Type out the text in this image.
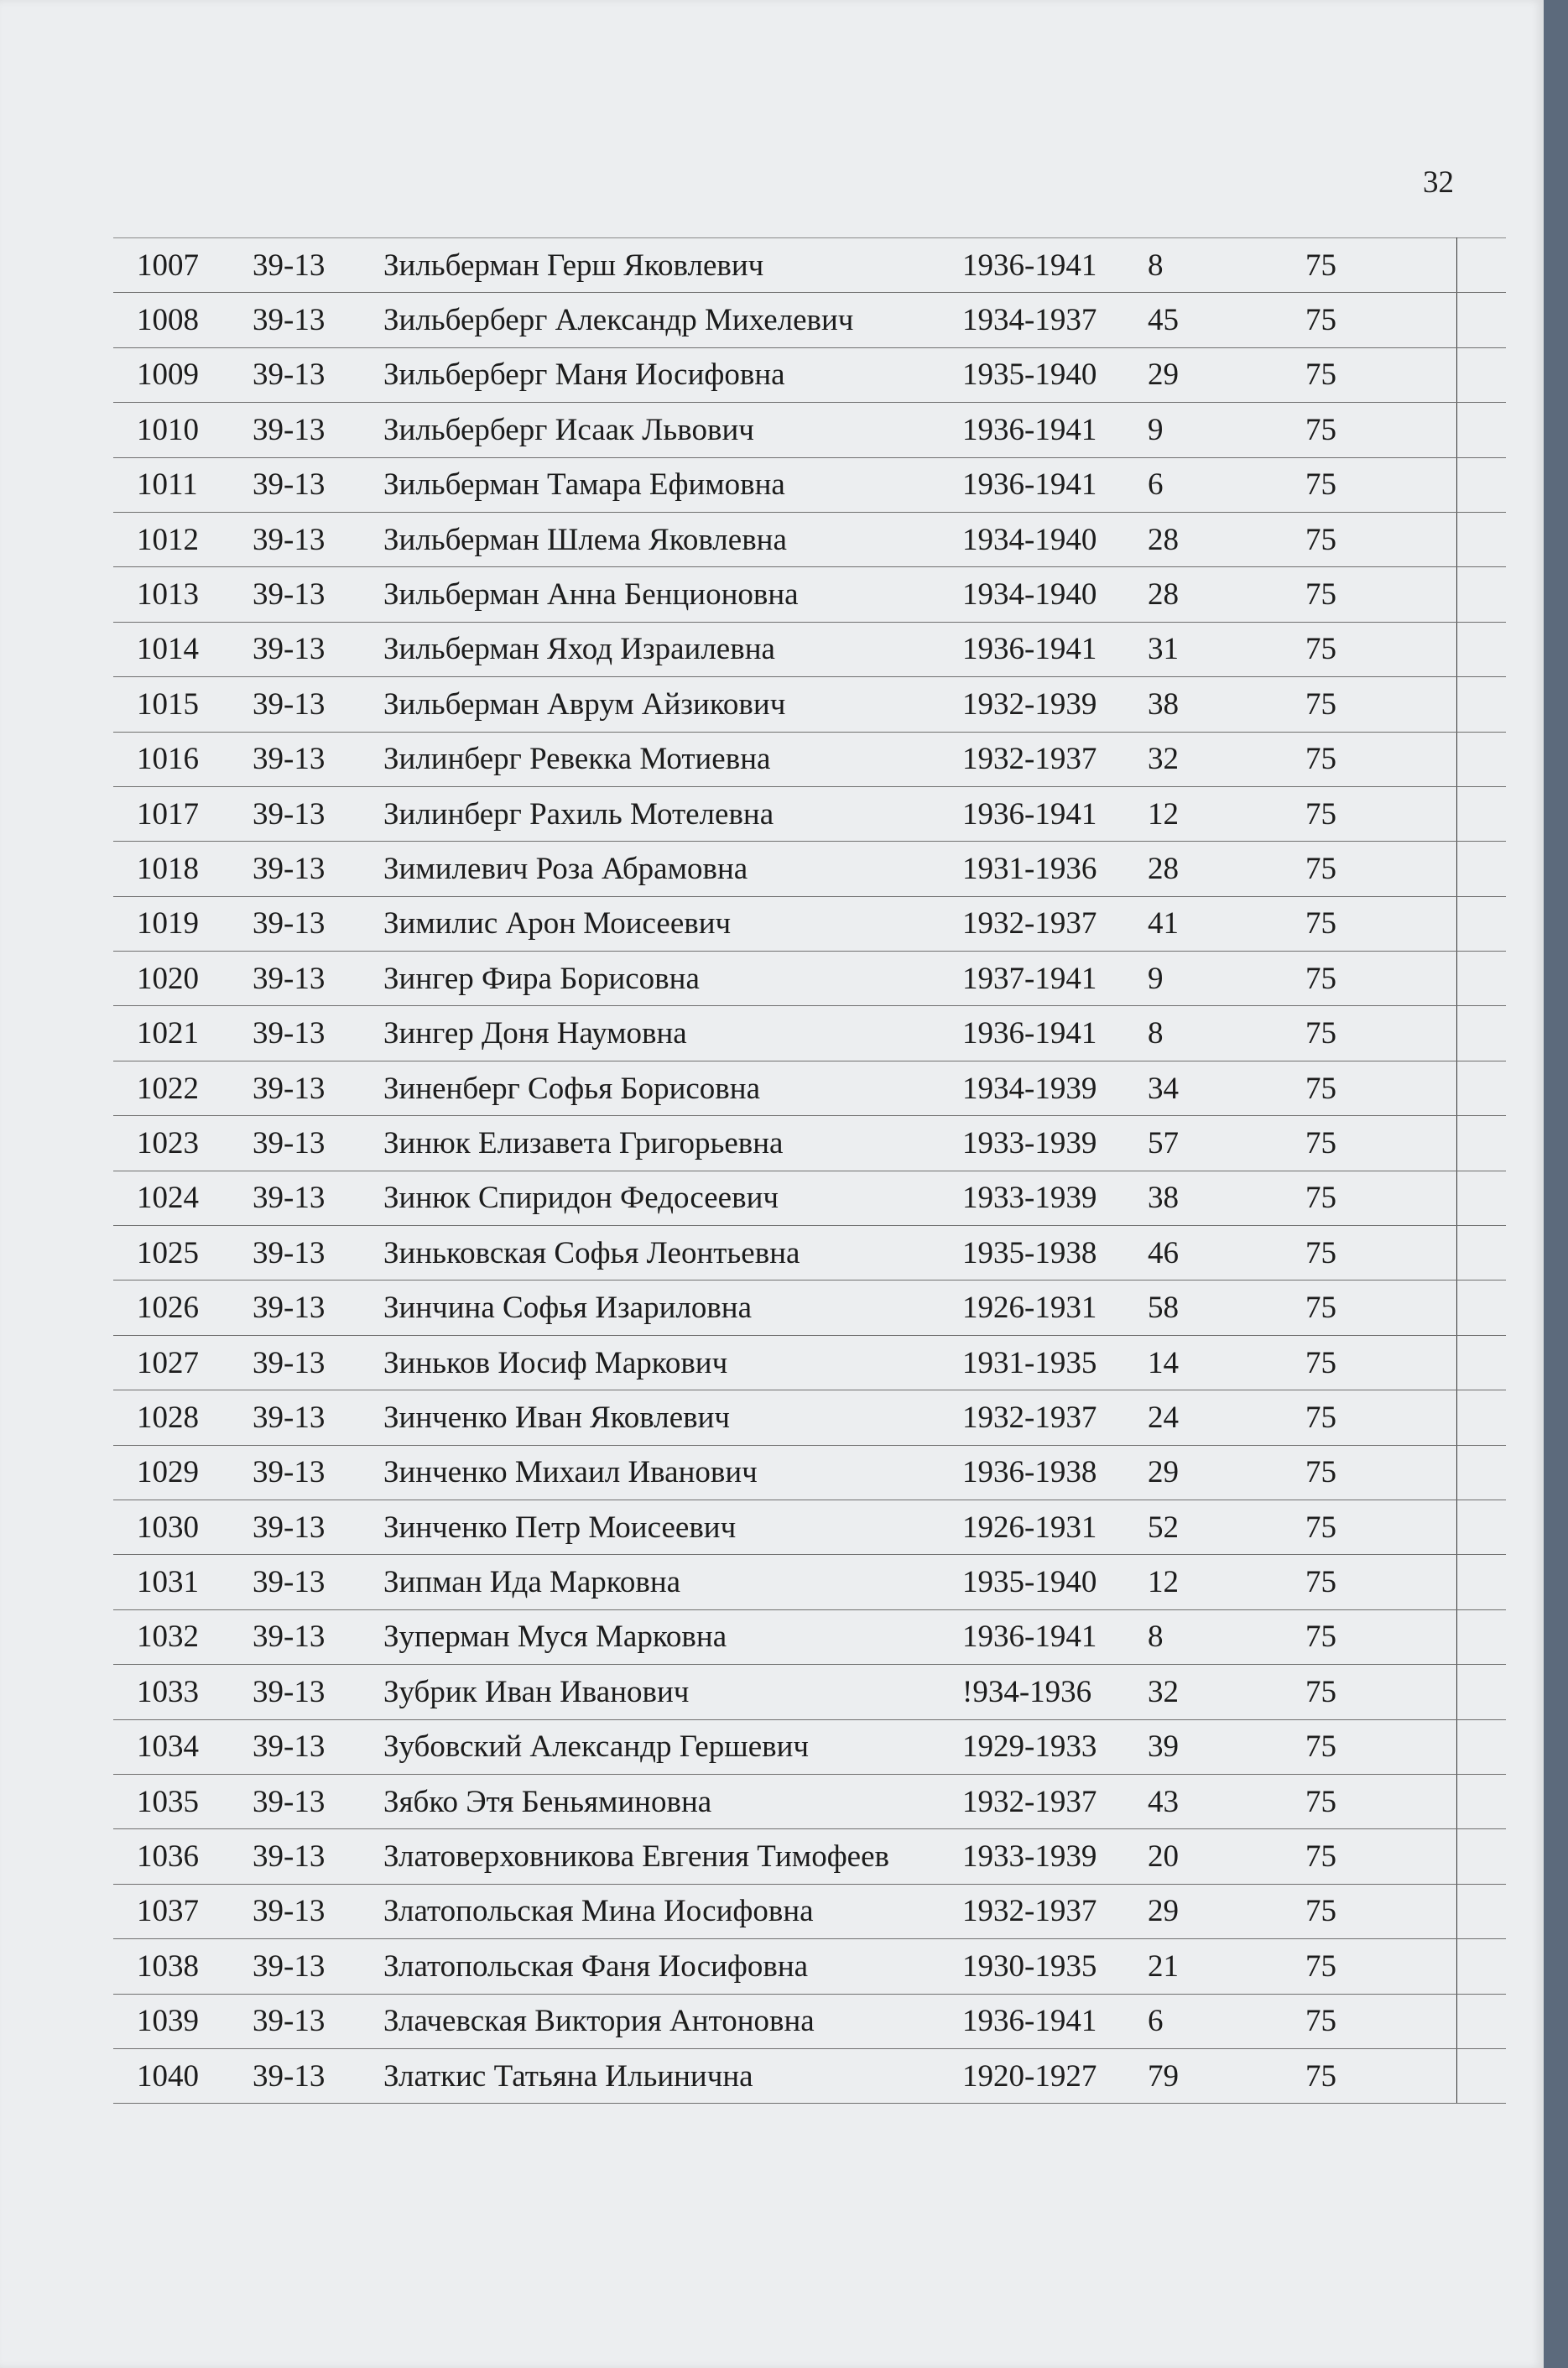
32
1007	39-13	Зильберман Герш Яковлевич	1936-1941	8	75	
1008	39-13	Зильберберг Александр Михелевич	1934-1937	45	75	
1009	39-13	Зильберберг Маня Иосифовна	1935-1940	29	75	
1010	39-13	Зильберберг Исаак Львович	1936-1941	9	75	
1011	39-13	Зильберман Тамара Ефимовна	1936-1941	6	75	
1012	39-13	Зильберман Шлема Яковлевна	1934-1940	28	75	
1013	39-13	Зильберман Анна Бенционовна	1934-1940	28	75	
1014	39-13	Зильберман Яход Израилевна	1936-1941	31	75	
1015	39-13	Зильберман Аврум Айзикович	1932-1939	38	75	
1016	39-13	Зилинберг Ревекка Мотиевна	1932-1937	32	75	
1017	39-13	Зилинберг Рахиль Мотелевна	1936-1941	12	75	
1018	39-13	Зимилевич Роза Абрамовна	1931-1936	28	75	
1019	39-13	Зимилис Арон Моисеевич	1932-1937	41	75	
1020	39-13	Зингер Фира Борисовна	1937-1941	9	75	
1021	39-13	Зингер Доня Наумовна	1936-1941	8	75	
1022	39-13	Зиненберг Софья Борисовна	1934-1939	34	75	
1023	39-13	Зинюк Елизавета Григорьевна	1933-1939	57	75	
1024	39-13	Зинюк Спиридон Федосеевич	1933-1939	38	75	
1025	39-13	Зиньковская Софья Леонтьевна	1935-1938	46	75	
1026	39-13	Зинчина Софья Изариловна	1926-1931	58	75	
1027	39-13	Зиньков Иосиф Маркович	1931-1935	14	75	
1028	39-13	Зинченко Иван Яковлевич	1932-1937	24	75	
1029	39-13	Зинченко Михаил Иванович	1936-1938	29	75	
1030	39-13	Зинченко Петр Моисеевич	1926-1931	52	75	
1031	39-13	Зипман Ида Марковна	1935-1940	12	75	
1032	39-13	Зуперман Муся Марковна	1936-1941	8	75	
1033	39-13	Зубрик Иван Иванович	!934-1936	32	75	
1034	39-13	Зубовский Александр Гершевич	1929-1933	39	75	
1035	39-13	Зябко Этя Беньяминовна	1932-1937	43	75	
1036	39-13	Златоверховникова Евгения Тимофеев	1933-1939	20	75	
1037	39-13	Златопольская Мина Иосифовна	1932-1937	29	75	
1038	39-13	Златопольская Фаня Иосифовна	1930-1935	21	75	
1039	39-13	Злачевская Виктория Антоновна	1936-1941	6	75	
1040	39-13	Златкис Татьяна Ильинична	1920-1927	79	75	
